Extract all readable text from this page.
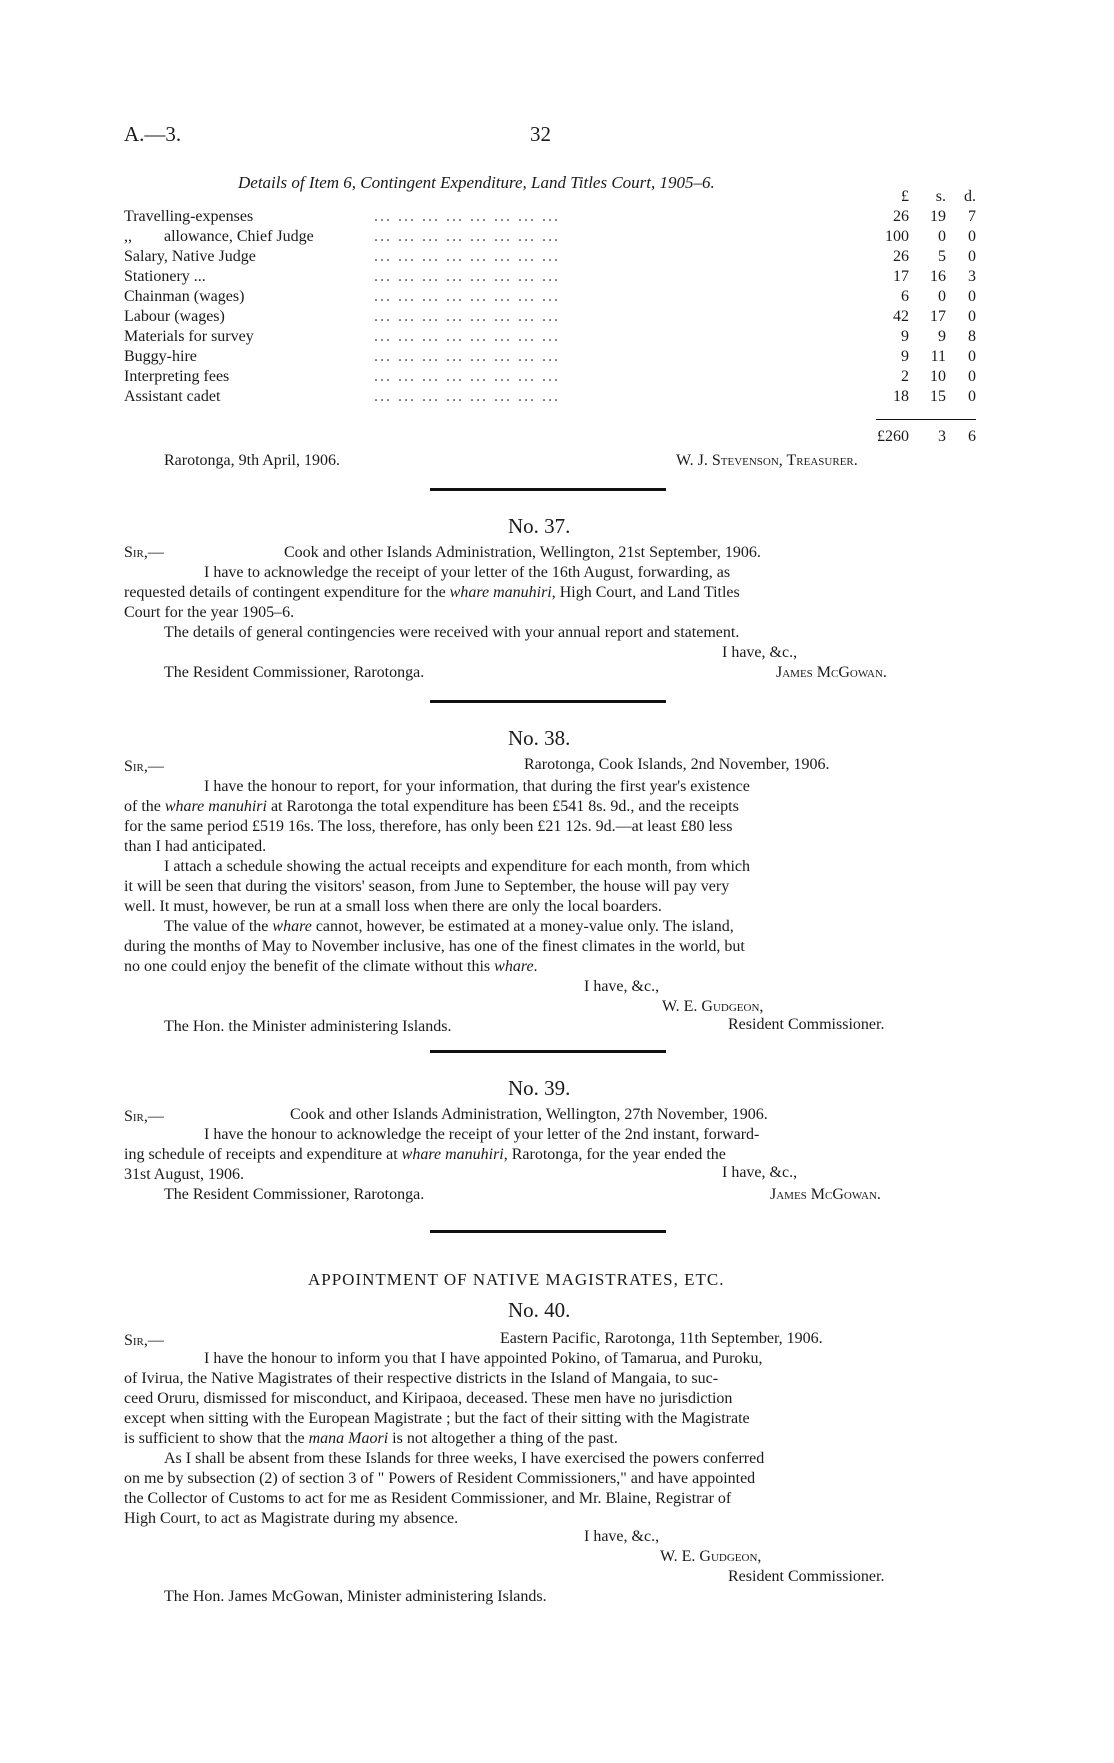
A.—3.	32
Details of Item 6, Contingent Expenditure, Land Titles Court, 1905–6.
£	s.	d.
Travelling-expenses	... ... ... ... ... ... ... ...	26	19	7
,,        allowance, Chief Judge	... ... ... ... ... ... ... ...	100	0	0
Salary, Native Judge	... ... ... ... ... ... ... ...	26	5	0
Stationery ...	... ... ... ... ... ... ... ...	17	16	3
Chainman (wages)	... ... ... ... ... ... ... ...	6	0	0
Labour (wages)	... ... ... ... ... ... ... ...	42	17	0
Materials for survey	... ... ... ... ... ... ... ...	9	9	8
Buggy-hire	... ... ... ... ... ... ... ...	9	11	0
Interpreting fees	... ... ... ... ... ... ... ...	2	10	0
Assistant cadet	... ... ... ... ... ... ... ...	18	15	0
£260	3	6
Rarotonga, 9th April, 1906.	W. J. Stevenson, Treasurer.
No. 37.
Sir,—	Cook and other Islands Administration, Wellington, 21st September, 1906.
I have to acknowledge the receipt of your letter of the 16th August, forwarding, as
requested details of contingent expenditure for the whare manuhiri, High Court, and Land Titles
Court for the year 1905–6.
The details of general contingencies were received with your annual report and statement.
I have, &c.,
The Resident Commissioner, Rarotonga.	James McGowan.
No. 38.
Sir,—	Rarotonga, Cook Islands, 2nd November, 1906.
I have the honour to report, for your information, that during the first year's existence
of the whare manuhiri at Rarotonga the total expenditure has been £541 8s. 9d., and the receipts
for the same period £519 16s. The loss, therefore, has only been £21 12s. 9d.—at least £80 less
than I had anticipated.
I attach a schedule showing the actual receipts and expenditure for each month, from which
it will be seen that during the visitors' season, from June to September, the house will pay very
well. It must, however, be run at a small loss when there are only the local boarders.
The value of the whare cannot, however, be estimated at a money-value only. The island,
during the months of May to November inclusive, has one of the finest climates in the world, but
no one could enjoy the benefit of the climate without this whare.
I have, &c.,
W. E. Gudgeon,
The Hon. the Minister administering Islands.	Resident Commissioner.
No. 39.
Sir,—	Cook and other Islands Administration, Wellington, 27th November, 1906.
I have the honour to acknowledge the receipt of your letter of the 2nd instant, forward-
ing schedule of receipts and expenditure at whare manuhiri, Rarotonga, for the year ended the
31st August, 1906.	I have, &c.,
The Resident Commissioner, Rarotonga.	James McGowan.
APPOINTMENT OF NATIVE MAGISTRATES, ETC.
No. 40.
Sir,—	Eastern Pacific, Rarotonga, 11th September, 1906.
I have the honour to inform you that I have appointed Pokino, of Tamarua, and Puroku,
of Ivirua, the Native Magistrates of their respective districts in the Island of Mangaia, to suc-
ceed Oruru, dismissed for misconduct, and Kiripaoa, deceased. These men have no jurisdiction
except when sitting with the European Magistrate ; but the fact of their sitting with the Magistrate
is sufficient to show that the mana Maori is not altogether a thing of the past.
As I shall be absent from these Islands for three weeks, I have exercised the powers conferred
on me by subsection (2) of section 3 of " Powers of Resident Commissioners," and have appointed
the Collector of Customs to act for me as Resident Commissioner, and Mr. Blaine, Registrar of
High Court, to act as Magistrate during my absence.
I have, &c.,
W. E. Gudgeon,
Resident Commissioner.
The Hon. James McGowan, Minister administering Islands.
